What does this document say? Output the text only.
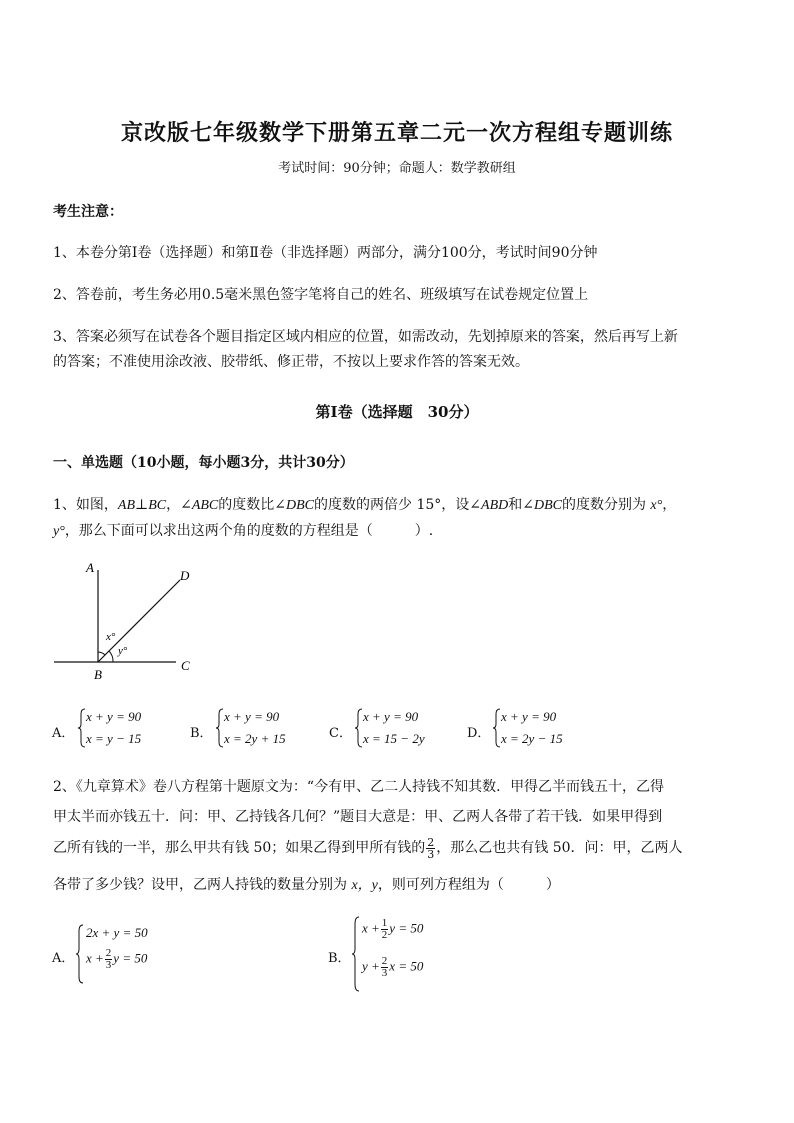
京改版七年级数学下册第五章二元一次方程组专题训练
考试时间：90分钟；命题人：数学教研组
考生注意：
1、本卷分第Ⅰ卷（选择题）和第Ⅱ卷（非选择题）两部分，满分100分，考试时间90分钟
2、答卷前，考生务必用0.5毫米黑色签字笔将自己的姓名、班级填写在试卷规定位置上
3、答案必须写在试卷各个题目指定区域内相应的位置，如需改动，先划掉原来的答案，然后再写上新
的答案；不准使用涂改液、胶带纸、修正带，不按以上要求作答的答案无效。
第Ⅰ卷（选择题　30分）
一、单选题（10小题，每小题3分，共计30分）
1、如图，AB⊥BC，∠ABC的度数比∠DBC的度数的两倍少 15°，设∠ABD和∠DBC的度数分别为 x°，
y°，那么下面可以求出这两个角的度数的方程组是（　　　）.
A
B
C
D
x°
y°
A．
x + y = 90
x = y − 15	B．
x + y = 90
x = 2y + 15	C．
x + y = 90
x = 15 − 2y	D．
x + y = 90
x = 2y − 15
2、《九章算术》卷八方程第十题原文为：“今有甲、乙二人持钱不知其数．甲得乙半而钱五十，乙得
甲太半而亦钱五十．问：甲、乙持钱各几何？”题目大意是：甲、乙两人各带了若干钱．如果甲得到
乙所有钱的一半，那么甲共有钱 50；如果乙得到甲所有钱的 $\frac{2}{3}$ ，那么乙也共有钱 50．问：甲，乙两人
各带了多少钱？设甲，乙两人持钱的数量分别为 x，y，则可列方程组为（　　　）
A．
2x + y = 50
$x + \frac{2}{3}$ y = 50	B．
$x + \frac{1}{2}$ y = 50
$y + \frac{2}{3}$ x = 50
